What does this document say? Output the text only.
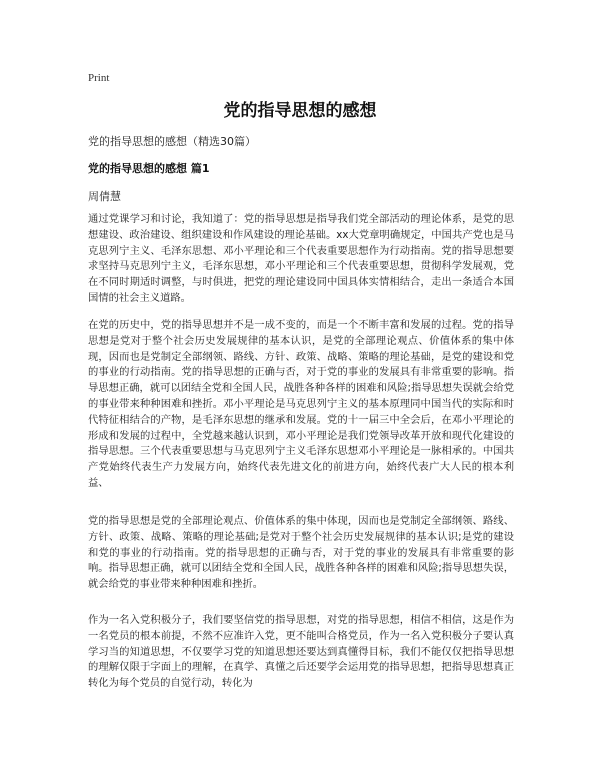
Print
党的指导思想的感想
党的指导思想的感想（精选30篇）
党的指导思想的感想 篇1
周倩慧

通过党课学习和讨论，我知道了：党的指导思想是指导我们党全部活动的理论体系，是党的思想建设、政治建设、组织建设和作风建设的理论基础。xx大党章明确规定，中国共产党也是马克思列宁主义、毛泽东思想、邓小平理论和三个代表重要思想作为行动指南。党的指导思想要求坚持马克思列宁主义，毛泽东思想，邓小平理论和三个代表重要思想，贯彻科学发展观，党在不同时期适时调整，与时俱进，把党的理论建设同中国具体实情相结合，走出一条适合本国国情的社会主义道路。

在党的历史中，党的指导思想并不是一成不变的，而是一个不断丰富和发展的过程。党的指导思想是党对于整个社会历史发展规律的基本认识，是党的全部理论观点、价值体系的集中体现，因而也是党制定全部纲领、路线、方针、政策、战略、策略的理论基础，是党的建设和党的事业的行动指南。党的指导思想的正确与否，对于党的事业的发展具有非常重要的影响。指导思想正确，就可以团结全党和全国人民，战胜各种各样的困难和风险;指导思想失误就会给党的事业带来种种困难和挫折。邓小平理论是马克思列宁主义的基本原理同中国当代的实际和时代特征相结合的产物，是毛泽东思想的继承和发展。党的十一届三中全会后，在邓小平理论的形成和发展的过程中，全党越来越认识到，邓小平理论是我们党领导改革开放和现代化建设的指导思想。三个代表重要思想与马克思列宁主义毛泽东思想邓小平理论是一脉相承的。中国共产党始终代表生产力发展方向，始终代表先进文化的前进方向，始终代表广大人民的根本利益、

党的指导思想是党的全部理论观点、价值体系的集中体现，因而也是党制定全部纲领、路线、方针、政策、战略、策略的理论基础;是党对于整个社会历史发展规律的基本认识;是党的建设和党的事业的行动指南。党的指导思想的正确与否，对于党的事业的发展具有非常重要的影响。指导思想正确，就可以团结全党和全国人民，战胜各种各样的困难和风险;指导思想失误，就会给党的事业带来种种困难和挫折。

作为一名入党积极分子，我们要坚信党的指导思想，对党的指导思想，相信不相信，这是作为一名党员的根本前提，不然不应准许入党，更不能叫合格党员，作为一名入党积极分子要认真学习当的知道思想，不仅要学习党的知道思想还要达到真懂得目标，我们不能仅仅把指导思想的理解仅限于字面上的理解，在真学、真懂之后还要学会运用党的指导思想，把指导思想真正转化为每个党员的自觉行动，转化为
